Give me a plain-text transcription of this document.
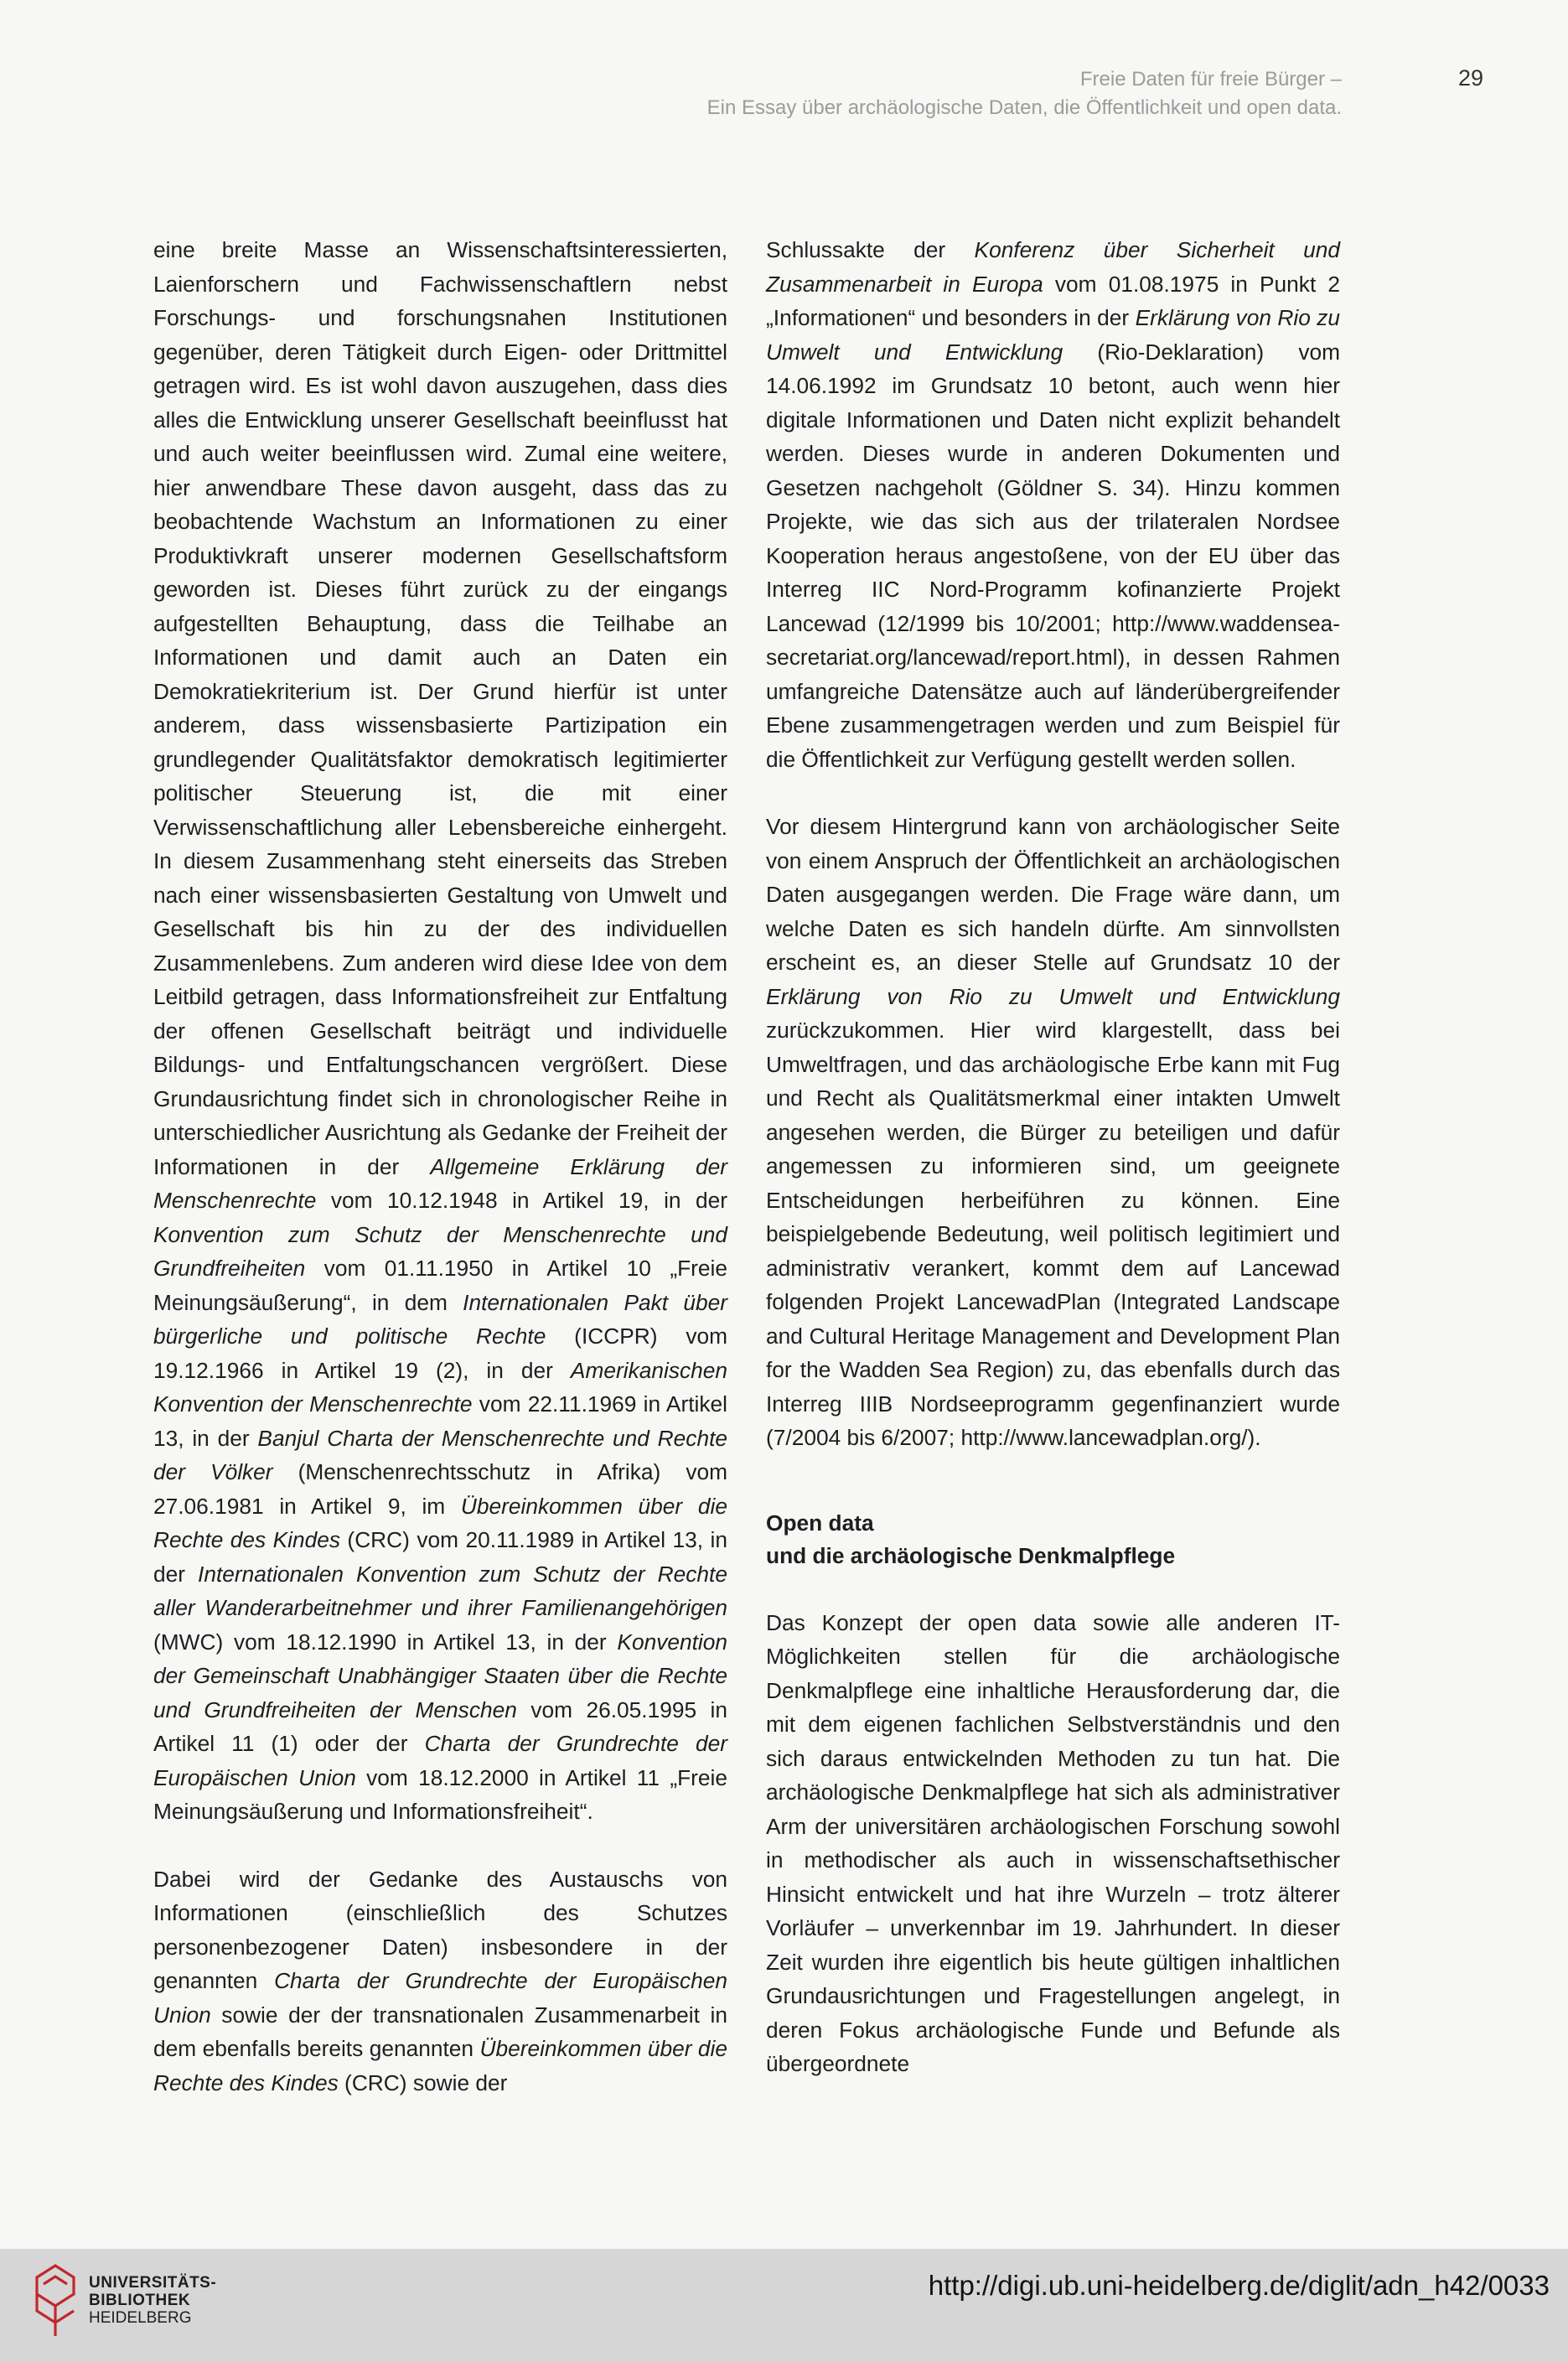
Freie Daten für freie Bürger –
Ein Essay über archäologische Daten, die Öffentlichkeit und open data.
29

eine breite Masse an Wissenschaftsinteressierten, Laienforschern und Fachwissenschaftlern nebst Forschungs- und forschungsnahen Institutionen gegenüber, deren Tätigkeit durch Eigen- oder Drittmittel getragen wird. Es ist wohl davon auszugehen, dass dies alles die Entwicklung unserer Gesellschaft beeinflusst hat und auch weiter beeinflussen wird. Zumal eine weitere, hier anwendbare These davon ausgeht, dass das zu beobachtende Wachstum an Informationen zu einer Produktivkraft unserer modernen Gesellschaftsform geworden ist. Dieses führt zurück zu der eingangs aufgestellten Behauptung, dass die Teilhabe an Informationen und damit auch an Daten ein Demokratiekriterium ist. Der Grund hierfür ist unter anderem, dass wissensbasierte Partizipation ein grundlegender Qualitätsfaktor demokratisch legitimierter politischer Steuerung ist, die mit einer Verwissenschaftlichung aller Lebensbereiche einhergeht. In diesem Zusammenhang steht einerseits das Streben nach einer wissensbasierten Gestaltung von Umwelt und Gesellschaft bis hin zu der des individuellen Zusammenlebens. Zum anderen wird diese Idee von dem Leitbild getragen, dass Informationsfreiheit zur Entfaltung der offenen Gesellschaft beiträgt und individuelle Bildungs- und Entfaltungschancen vergrößert. Diese Grundausrichtung findet sich in chronologischer Reihe in unterschiedlicher Ausrichtung als Gedanke der Freiheit der Informationen in der Allgemeine Erklärung der Menschenrechte vom 10.12.1948 in Artikel 19, in der Konvention zum Schutz der Menschenrechte und Grundfreiheiten vom 01.11.1950 in Artikel 10 „Freie Meinungsäußerung“, in dem Internationalen Pakt über bürgerliche und politische Rechte (ICCPR) vom 19.12.1966 in Artikel 19 (2), in der Amerikanischen Konvention der Menschenrechte vom 22.11.1969 in Artikel 13, in der Banjul Charta der Menschenrechte und Rechte der Völker (Menschenrechtsschutz in Afrika) vom 27.06.1981 in Artikel 9, im Übereinkommen über die Rechte des Kindes (CRC) vom 20.11.1989 in Artikel 13, in der Internationalen Konvention zum Schutz der Rechte aller Wanderarbeitnehmer und ihrer Familienangehörigen (MWC) vom 18.12.1990 in Artikel 13, in der Konvention der Gemeinschaft Unabhängiger Staaten über die Rechte und Grundfreiheiten der Menschen vom 26.05.1995 in Artikel 11 (1) oder der Charta der Grundrechte der Europäischen Union vom 18.12.2000 in Artikel 11 „Freie Meinungsäußerung und Informationsfreiheit“.

Dabei wird der Gedanke des Austauschs von Informationen (einschließlich des Schutzes personenbezogener Daten) insbesondere in der genannten Charta der Grundrechte der Europäischen Union sowie der der transnationalen Zusammenarbeit in dem ebenfalls bereits genannten Übereinkommen über die Rechte des Kindes (CRC) sowie der

Schlussakte der Konferenz über Sicherheit und Zusammenarbeit in Europa vom 01.08.1975 in Punkt 2 „Informationen“ und besonders in der Erklärung von Rio zu Umwelt und Entwicklung (Rio-Deklaration) vom 14.06.1992 im Grundsatz 10 betont, auch wenn hier digitale Informationen und Daten nicht explizit behandelt werden. Dieses wurde in anderen Dokumenten und Gesetzen nachgeholt (Göldner S. 34). Hinzu kommen Projekte, wie das sich aus der trilateralen Nordsee Kooperation heraus angestoßene, von der EU über das Interreg IIC Nord-Programm kofinanzierte Projekt Lancewad (12/1999 bis 10/2001; http://www.waddensea-secretariat.org/lancewad/report.html), in dessen Rahmen umfangreiche Datensätze auch auf länderübergreifender Ebene zusammengetragen werden und zum Beispiel für die Öffentlichkeit zur Verfügung gestellt werden sollen.

Vor diesem Hintergrund kann von archäologischer Seite von einem Anspruch der Öffentlichkeit an archäologischen Daten ausgegangen werden. Die Frage wäre dann, um welche Daten es sich handeln dürfte. Am sinnvollsten erscheint es, an dieser Stelle auf Grundsatz 10 der Erklärung von Rio zu Umwelt und Entwicklung zurückzukommen. Hier wird klargestellt, dass bei Umweltfragen, und das archäologische Erbe kann mit Fug und Recht als Qualitätsmerkmal einer intakten Umwelt angesehen werden, die Bürger zu beteiligen und dafür angemessen zu informieren sind, um geeignete Entscheidungen herbeiführen zu können. Eine beispielgebende Bedeutung, weil politisch legitimiert und administrativ verankert, kommt dem auf Lancewad folgenden Projekt LancewadPlan (Integrated Landscape and Cultural Heritage Management and Development Plan for the Wadden Sea Region) zu, das ebenfalls durch das Interreg IIIB Nordseeprogramm gegenfinanziert wurde (7/2004 bis 6/2007; http://www.lancewadplan.org/).

Open data
und die archäologische Denkmalpflege

Das Konzept der open data sowie alle anderen IT-Möglichkeiten stellen für die archäologische Denkmalpflege eine inhaltliche Herausforderung dar, die mit dem eigenen fachlichen Selbstverständnis und den sich daraus entwickelnden Methoden zu tun hat. Die archäologische Denkmalpflege hat sich als administrativer Arm der universitären archäologischen Forschung sowohl in methodischer als auch in wissenschaftsethischer Hinsicht entwickelt und hat ihre Wurzeln – trotz älterer Vorläufer – unverkennbar im 19. Jahrhundert. In dieser Zeit wurden ihre eigentlich bis heute gültigen inhaltlichen Grundausrichtungen und Fragestellungen angelegt, in deren Fokus archäologische Funde und Befunde als übergeordnete

UNIVERSITÄTS-
BIBLIOTHEK
HEIDELBERG
http://digi.ub.uni-heidelberg.de/diglit/adn_h42/0033
